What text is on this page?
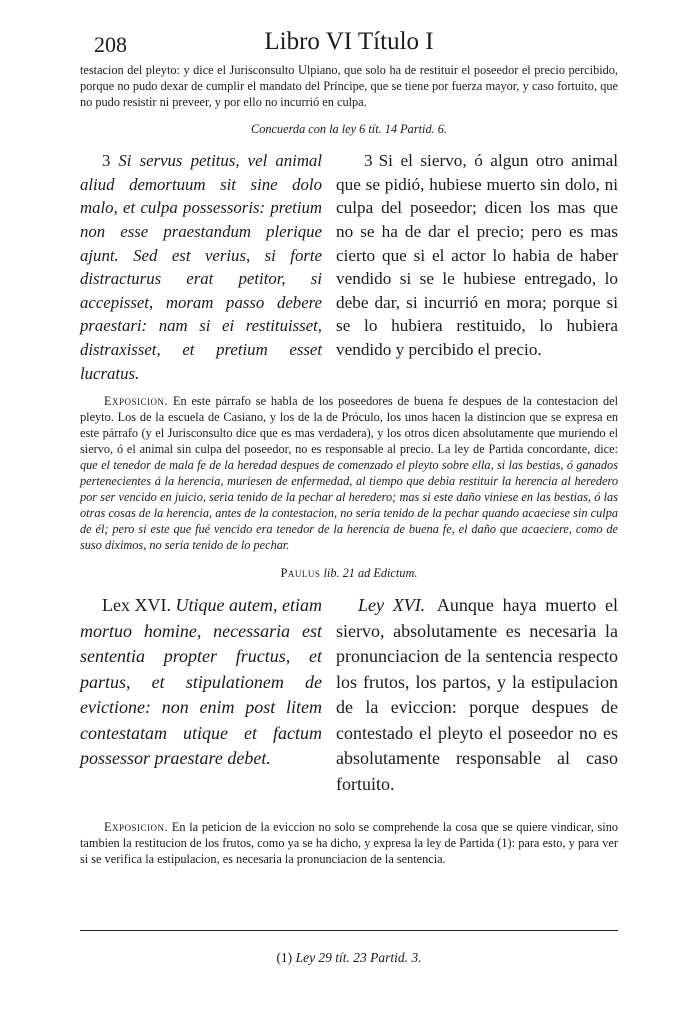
208	Libro VI Título I

testacion del pleyto: y dice el Jurisconsulto Ulpiano, que solo ha de restituir el poseedor el precio percibido, porque no pudo dexar de cumplir el mandato del Príncipe, que se tiene por fuerza mayor, y caso fortuito, que no pudo resistir ni preveer, y por ello no incurrió en culpa.

Concuerda con la ley 6 tít. 14 Partid. 6.
3 Si servus petitus, vel animal aliud demortuum sit sine dolo malo, et culpa possessoris: pretium non esse praestandum plerique ajunt. Sed est verius, si forte distracturus erat petitor, si accepisset, moram passo debere praestari: nam si ei restituisset, distraxisset, et pretium esset lucratus.
3 Si el siervo, ó algun otro animal que se pidió, hubiese muerto sin dolo, ni culpa del poseedor; dicen los mas que no se ha de dar el precio; pero es mas cierto que si el actor lo habia de haber vendido si se le hubiese entregado, lo debe dar, si incurrió en mora; porque si se lo hubiera restituido, lo hubiera vendido y percibido el precio.

Exposicion. En este párrafo se habla de los poseedores de buena fe despues de la contestacion del pleyto. Los de la escuela de Casiano, y los de la de Próculo, los unos hacen la distincion que se expresa en este párrafo (y el Jurisconsulto dice que es mas verdadera), y los otros dicen absolutamente que muriendo el siervo, ó el animal sin culpa del poseedor, no es responsable al precio. La ley de Partida concordante, dice: que el tenedor de mala fe de la heredad despues de comenzado el pleyto sobre ella, si las bestias, ó ganados pertenecientes á la herencia, muriesen de enfermedad, al tiempo que debia restituir la herencia al heredero por ser vencido en juicio, seria tenido de la pechar al heredero; mas si este daño viniese en las bestias, ó las otras cosas de la herencia, antes de la contestacion, no seria tenido de la pechar quando acaeciese sin culpa de él; pero si este que fué vencido era tenedor de la herencia de buena fe, el daño que acaeciere, como de suso diximos, no seria tenido de lo pechar.

Paulus lib. 21 ad Edictum.
Lex XVI. Utique autem, etiam mortuo homine, necessaria est sententia propter fructus, et partus, et stipulationem de evictione: non enim post litem contestatam utique et factum possessor praestare debet.
Ley XVI. Aunque haya muerto el siervo, absolutamente es necesaria la pronunciacion de la sentencia respecto los frutos, los partos, y la estipulacion de la eviccion: porque despues de contestado el pleyto el poseedor no es absolutamente responsable al caso fortuito.

Exposicion. En la peticion de la eviccion no solo se comprehende la cosa que se quiere vindicar, sino tambien la restitucion de los frutos, como ya se ha dicho, y expresa la ley de Partida (1): para esto, y para ver si se verifica la estipulacion, es necesaria la pronunciacion de la sentencia.

(1) Ley 29 tít. 23 Partid. 3.
